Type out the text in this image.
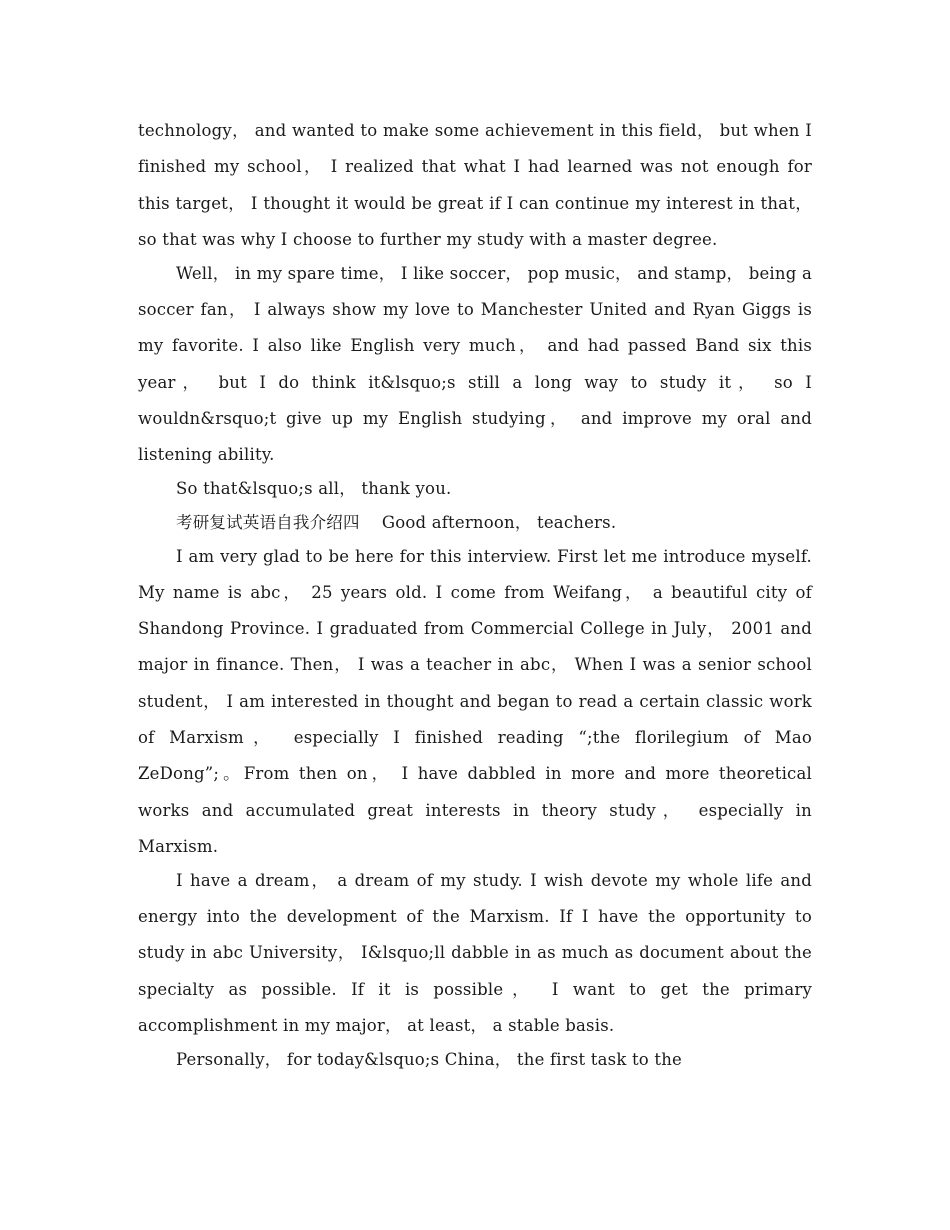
technology， and wanted to make some achievement in this field， but when I finished my school， I realized that what I had learned was not enough for this target， I thought it would be great if I can continue my interest in that， so that was why I choose to further my study with a master degree.

Well， in my spare time， I like soccer， pop music， and stamp， being a soccer fan， I always show my love to Manchester United and Ryan Giggs is my favorite. I also like English very much， and had passed Band six this year， but I do think it&lsquo;s still a long way to study it， so I wouldn&rsquo;t give up my English studying， and improve my oral and listening ability.

So that&lsquo;s all， thank you.

考研复试英语自我介绍四　 Good afternoon， teachers.

I am very glad to be here for this interview. First let me introduce myself. My name is abc， 25 years old. I come from Weifang， a beautiful city of Shandong Province. I graduated from Commercial College in July， 2001 and major in finance. Then， I was a teacher in abc， When I was a senior school student， I am interested in thought and began to read a certain classic work of Marxism， especially I finished reading “;the florilegium of Mao ZeDong”;。From then on， I have dabbled in more and more theoretical works and accumulated great interests in theory study， especially in Marxism.

I have a dream， a dream of my study. I wish devote my whole life and energy into the development of the Marxism. If I have the opportunity to study in abc University， I&lsquo;ll dabble in as much as document about the specialty as possible. If it is possible， I want to get the primary accomplishment in my major， at least， a stable basis.

Personally， for today&lsquo;s China， the first task to the
